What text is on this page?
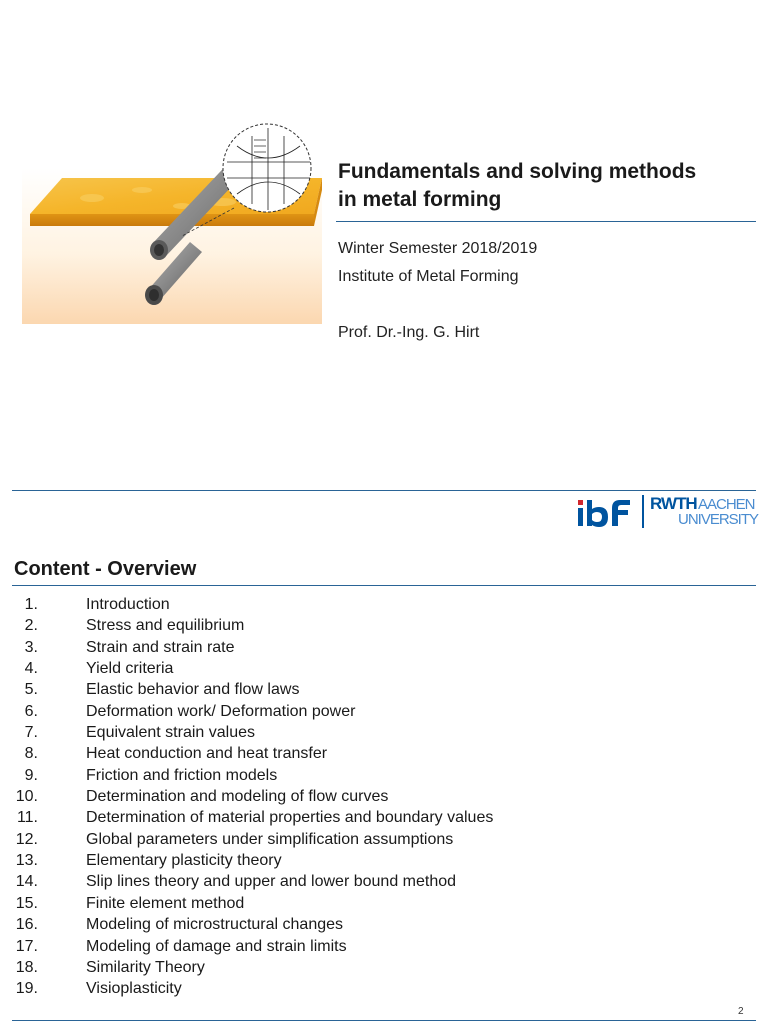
Fundamentals and solving methods
in metal forming
Winter Semester 2018/2019
Institute of Metal Forming
Prof. Dr.-Ing. G. Hirt
RWTH AACHEN
UNIVERSITY
Content - Overview
1.	Introduction
2.	Stress and equilibrium
3.	Strain and strain rate
4.	Yield criteria
5.	Elastic behavior and flow laws
6.	Deformation work/ Deformation power
7.	Equivalent strain values
8.	Heat conduction and heat transfer
9.	Friction and friction models
10.	Determination and modeling of flow curves
11.	Determination of material properties and boundary values
12.	Global parameters under simplification assumptions
13.	Elementary plasticity theory
14.	Slip lines theory and upper and lower bound method
15.	Finite element method
16.	Modeling of microstructural changes
17.	Modeling of damage and strain limits
18.	Similarity Theory
19.	Visioplasticity
2
